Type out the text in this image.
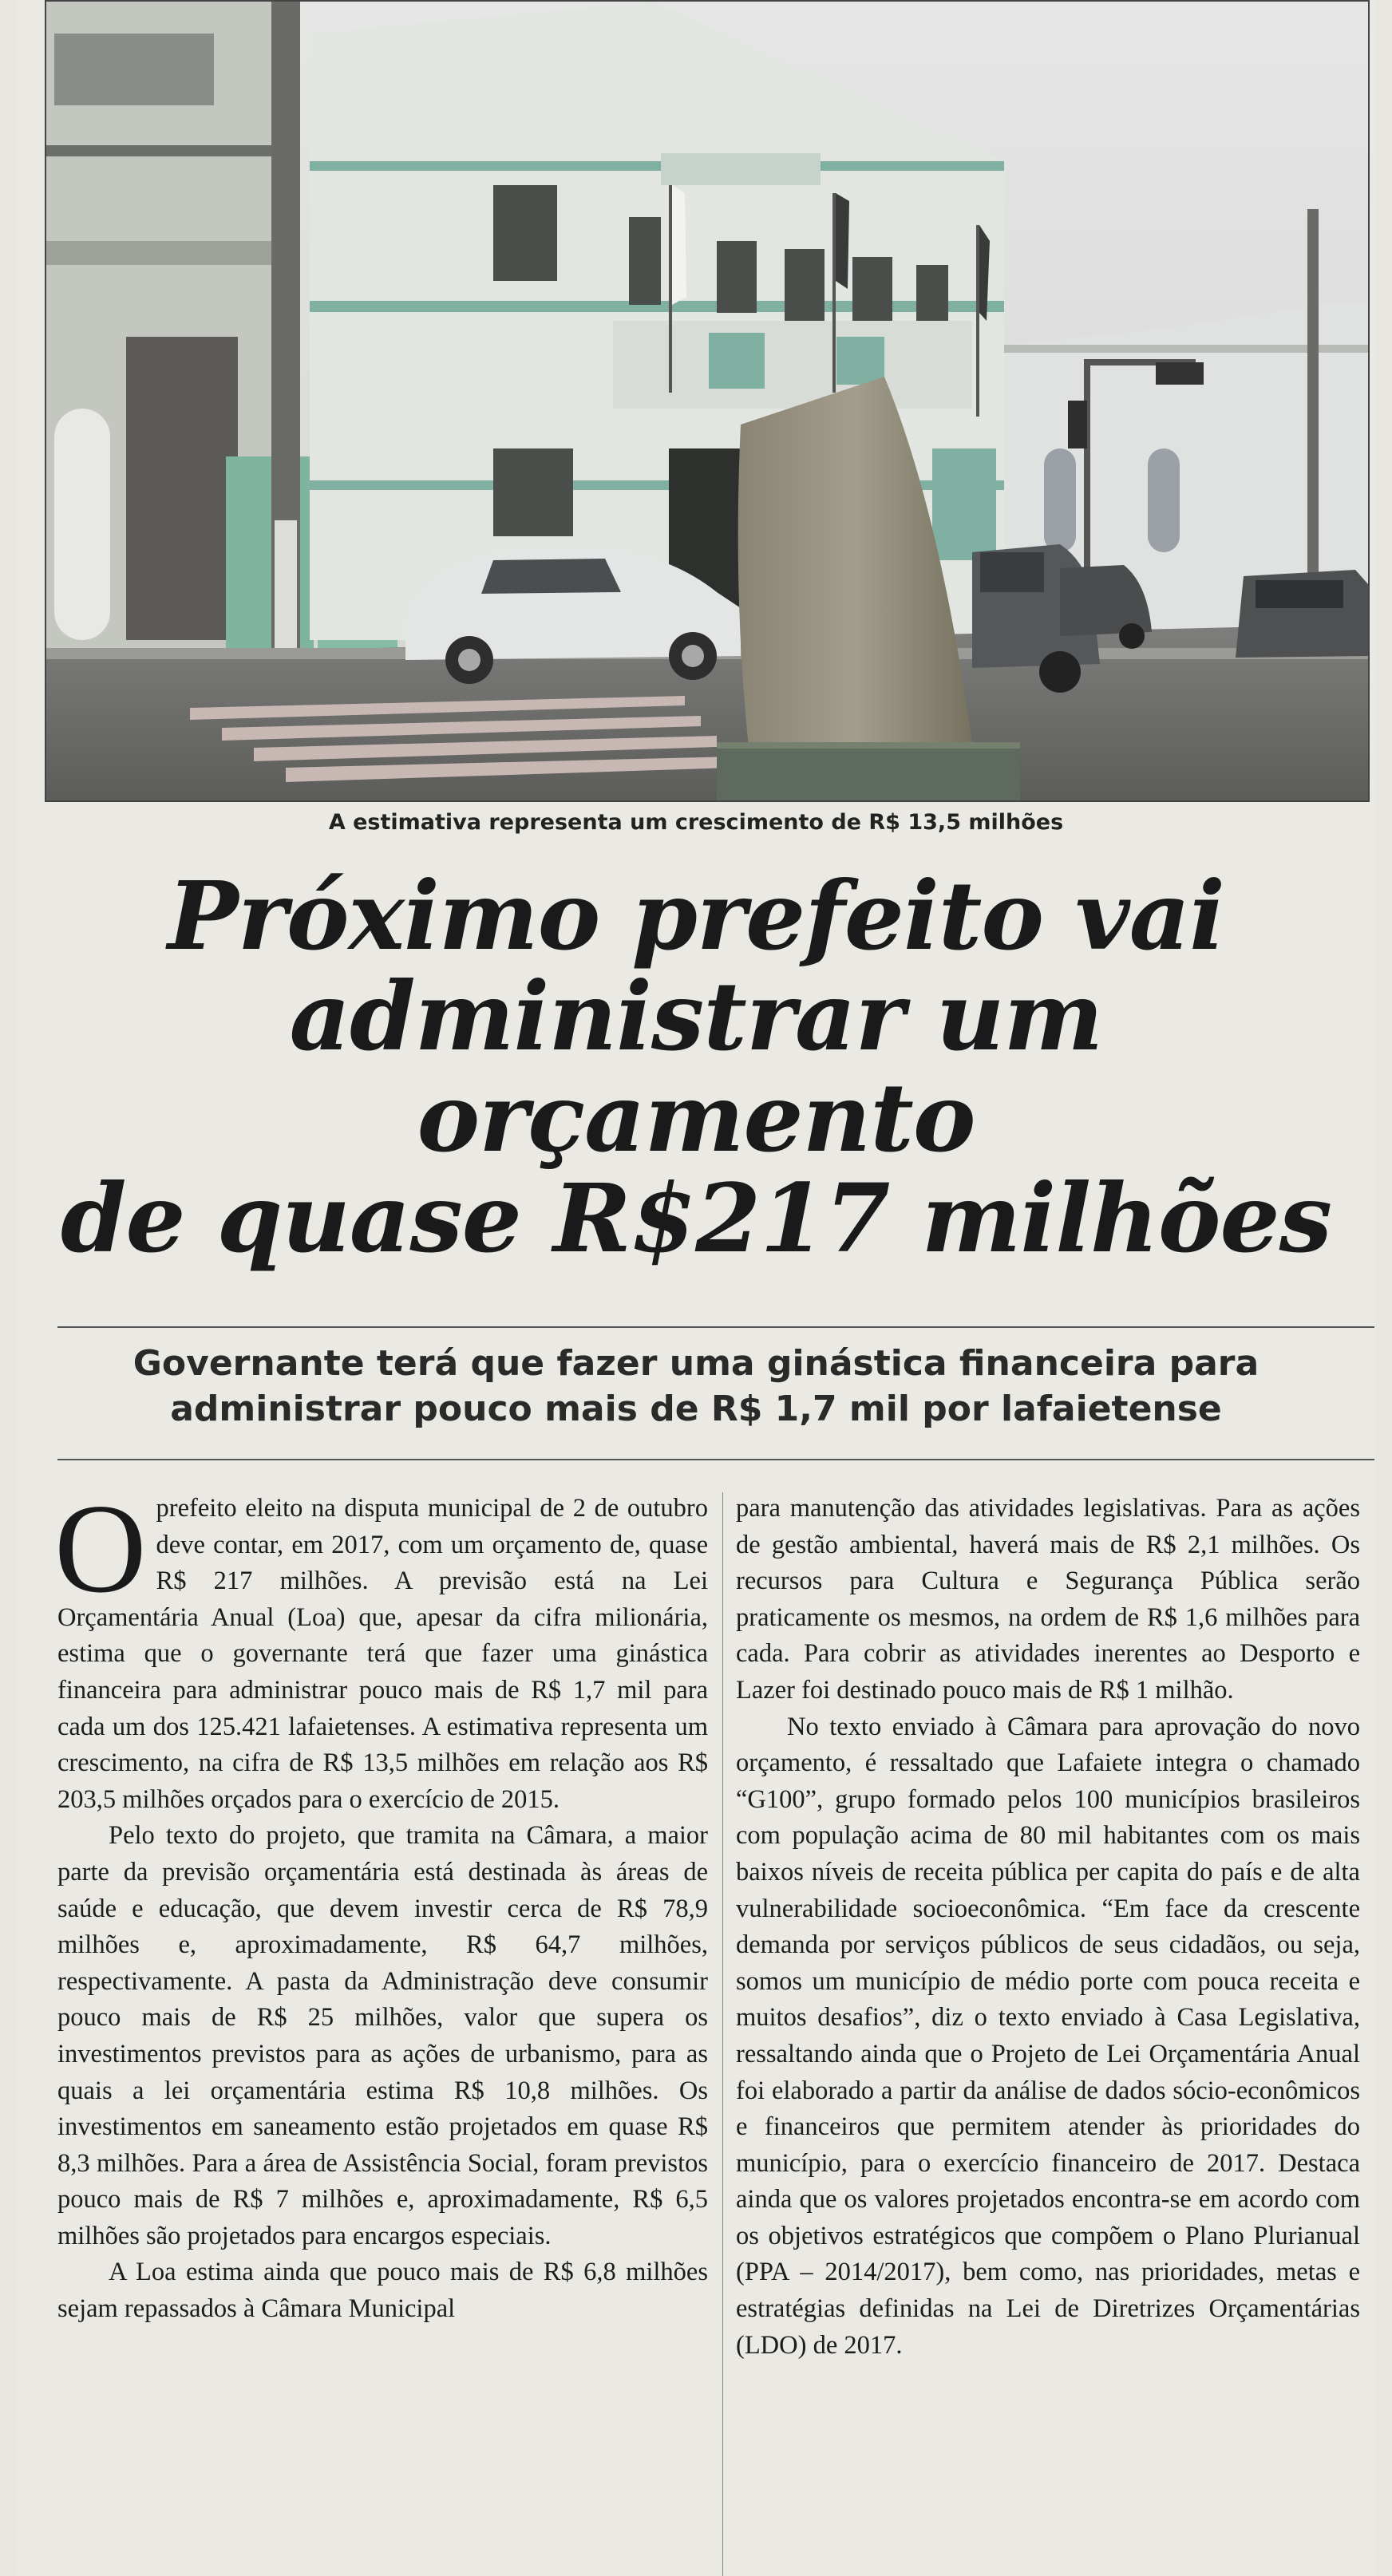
A estimativa representa um crescimento de R$ 13,5 milhões
Próximo prefeito vai
administrar um orçamento
de quase R$217 milhões
Governante terá que fazer uma ginástica financeira para
administrar pouco mais de R$ 1,7 mil por lafaietense

Oprefeito eleito na disputa municipal de 2 de outubro deve contar, em 2017, com um orçamento de, quase R$ 217 milhões. A previsão está na Lei Orçamentária Anual (Loa) que, apesar da cifra milionária, estima que o governante terá que fazer uma ginástica financeira para administrar pouco mais de R$ 1,7 mil para cada um dos 125.421 lafaietenses. A estimativa representa um crescimento, na cifra de R$ 13,5 milhões em relação aos R$ 203,5 milhões orçados para o exercício de 2015.

Pelo texto do projeto, que tramita na Câmara, a maior parte da previsão orçamentária está destinada às áreas de saúde e educação, que devem investir cerca de R$ 78,9 milhões e, aproximadamente, R$ 64,7 milhões, respectivamente. A pasta da Administração deve consumir pouco mais de R$ 25 milhões, valor que supera os investimentos previstos para as ações de urbanismo, para as quais a lei orçamentária estima R$ 10,8 milhões. Os investimentos em saneamento estão projetados em quase R$ 8,3 milhões. Para a área de Assistência Social, foram previstos pouco mais de R$ 7 milhões e, aproximadamente, R$ 6,5 milhões são projetados para encargos especiais.

A Loa estima ainda que pouco mais de R$ 6,8 milhões sejam repassados à Câmara Municipal

para manutenção das atividades legislativas. Para as ações de gestão ambiental, haverá mais de R$ 2,1 milhões. Os recursos para Cultura e Segurança Pública serão praticamente os mesmos, na ordem de R$ 1,6 milhões para cada. Para cobrir as atividades inerentes ao Desporto e Lazer foi destinado pouco mais de R$ 1 milhão.

No texto enviado à Câmara para aprovação do novo orçamento, é ressaltado que Lafaiete integra o chamado “G100”, grupo formado pelos 100 municípios brasileiros com população acima de 80 mil habitantes com os mais baixos níveis de receita pública per capita do país e de alta vulnerabilidade socioeconômica. “Em face da crescente demanda por serviços públicos de seus cidadãos, ou seja, somos um município de médio porte com pouca receita e muitos desafios”, diz o texto enviado à Casa Legislativa, ressaltando ainda que o Projeto de Lei Orçamentária Anual foi elaborado a partir da análise de dados sócio-econômicos e financeiros que permitem atender às prioridades do município, para o exercício financeiro de 2017. Destaca ainda que os valores projetados encontra-se em acordo com os objetivos estratégicos que compõem o Plano Plurianual (PPA – 2014/2017), bem como, nas prioridades, metas e estratégias definidas na Lei de Diretrizes Orçamentárias (LDO) de 2017.
